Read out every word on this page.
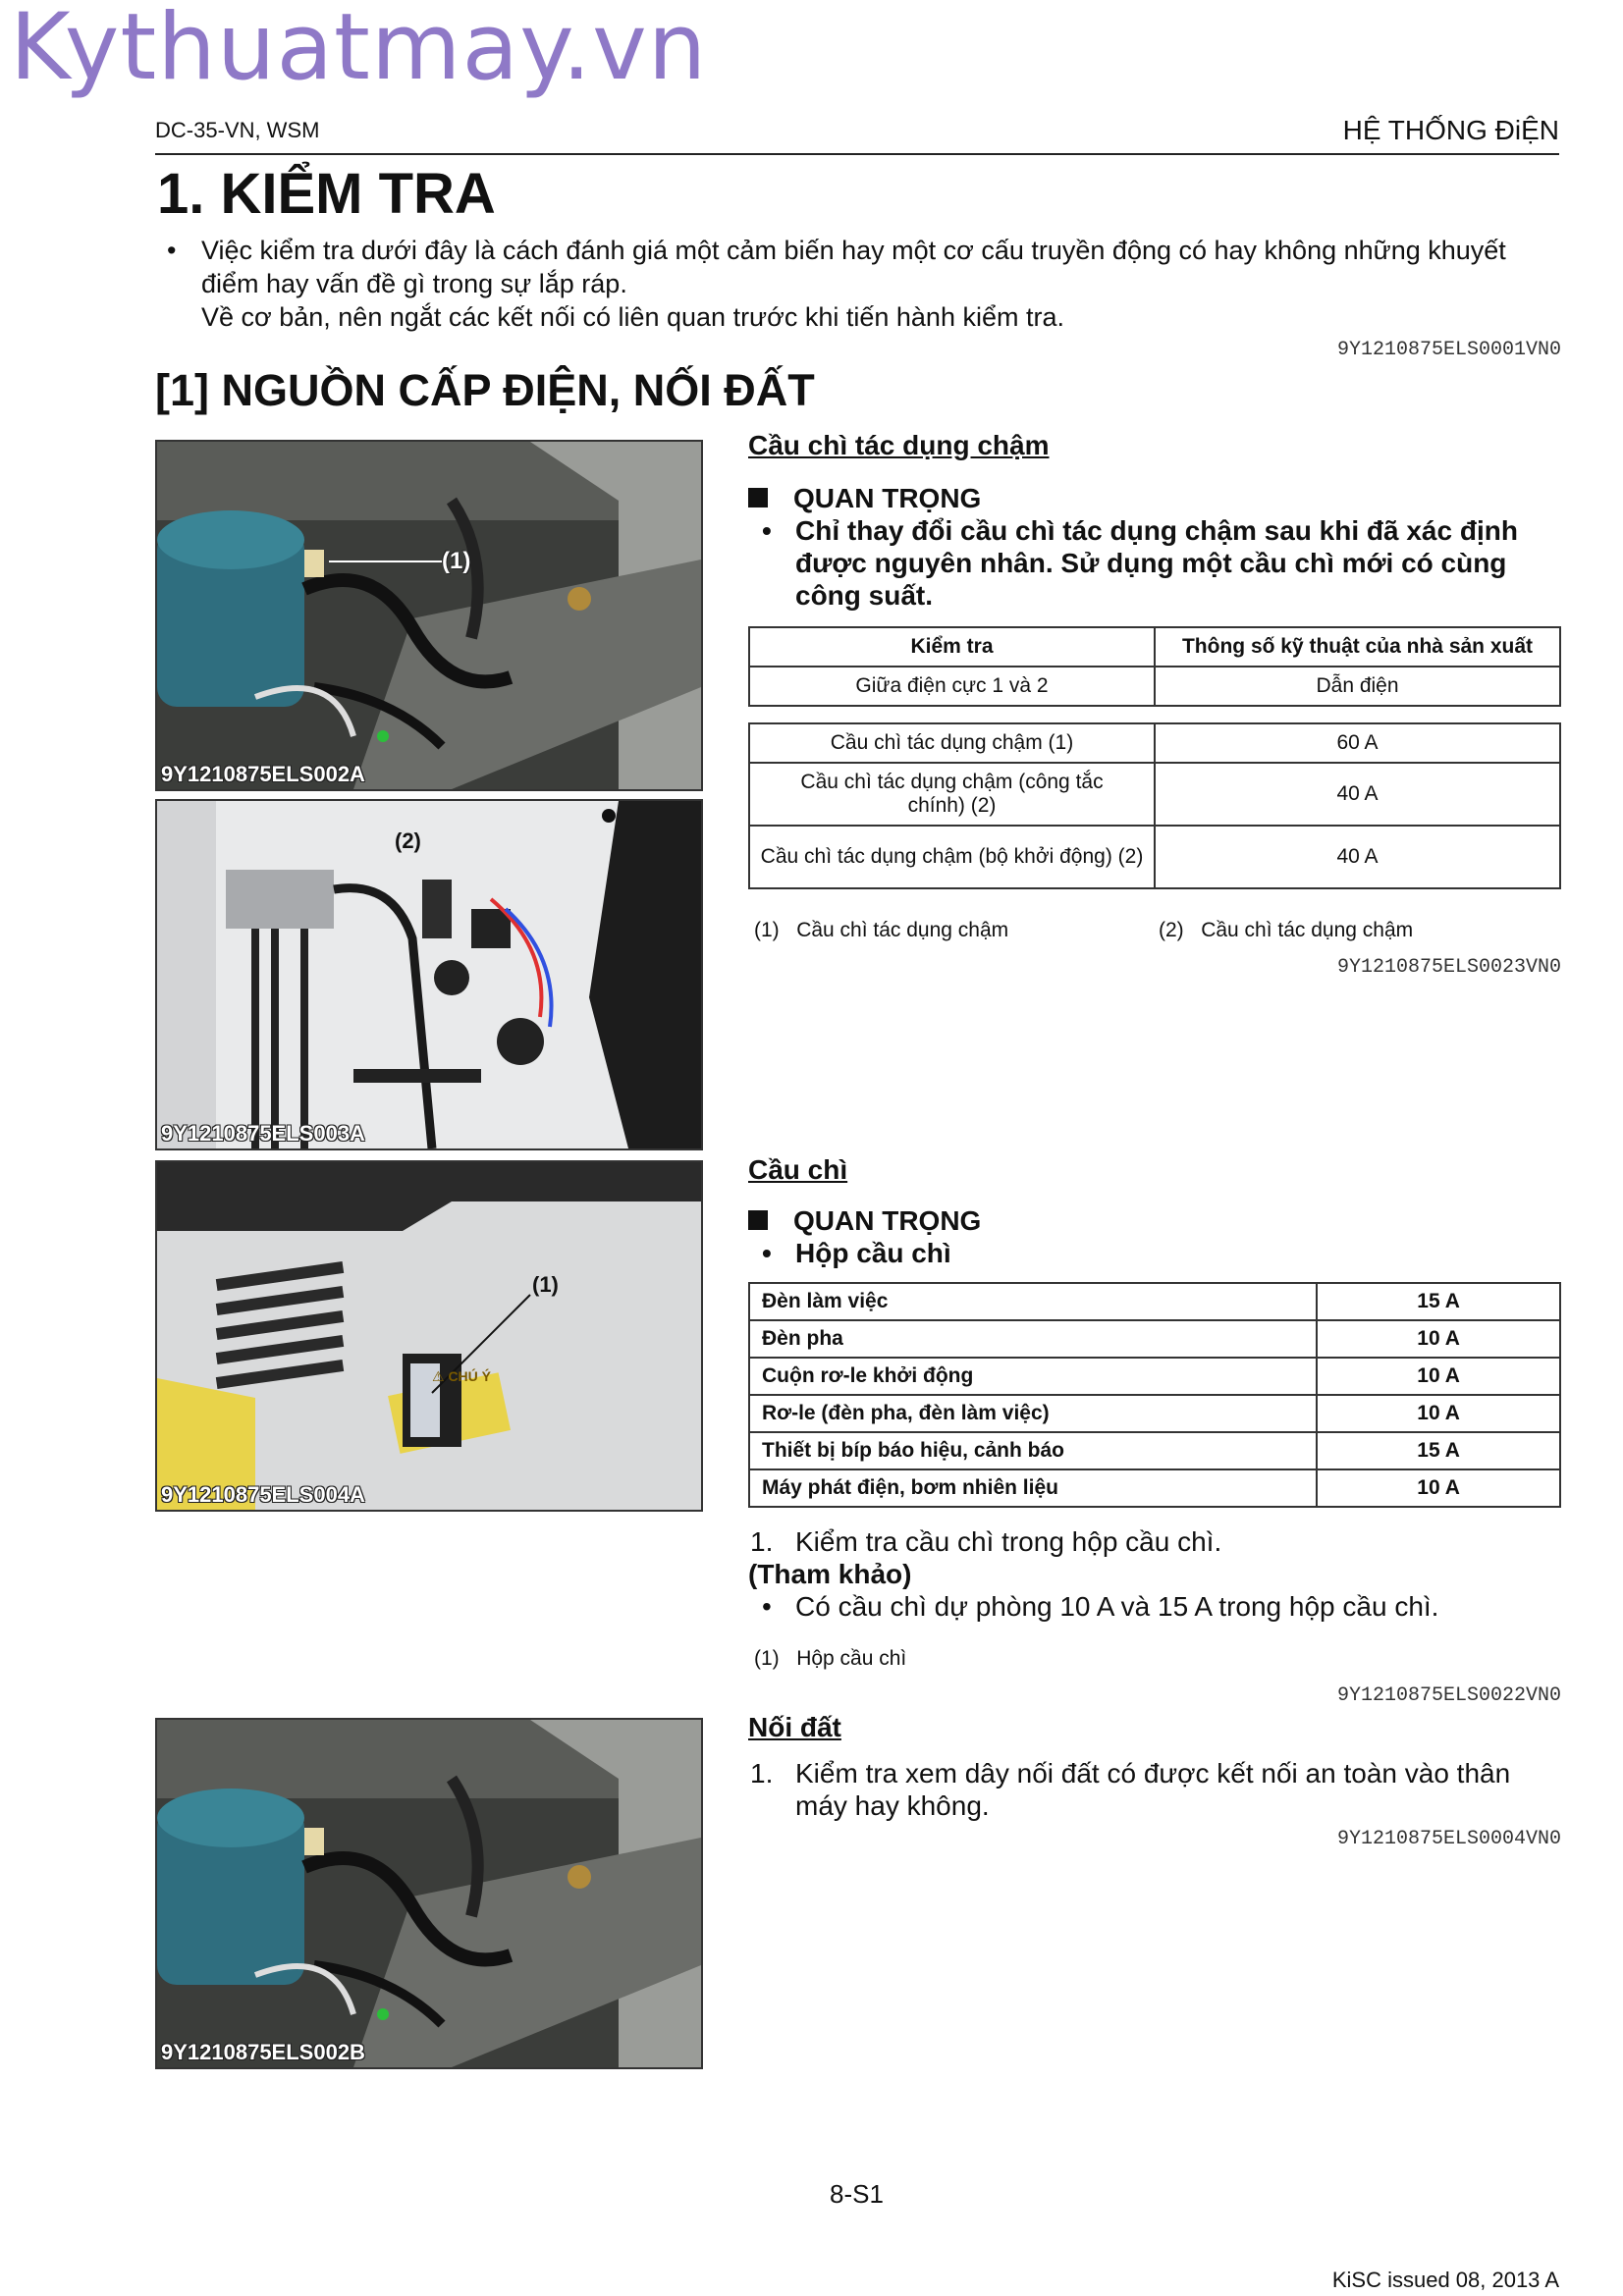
Kythuatmay.vn
DC-35-VN, WSM	HỆ THỐNG ĐiỆN
1. KIỂM TRA
• Việc kiểm tra dưới đây là cách đánh giá một cảm biến hay một cơ cấu truyền động có hay không những khuyết điểm hay vấn đề gì trong sự lắp ráp.
Về cơ bản, nên ngắt các kết nối có liên quan trước khi tiến hành kiểm tra.
9Y1210875ELS0001VN0
[1] NGUỒN CẤP ĐIỆN, NỐI ĐẤT
(1)
9Y1210875ELS002A
(2)
9Y1210875ELS003A
(1)
⚠ CHÚ Ý
9Y1210875ELS004A
9Y1210875ELS002B
Cầu chì tác dụng chậm
QUAN TRỌNG
• Chỉ thay đổi cầu chì tác dụng chậm sau khi đã xác định được nguyên nhân. Sử dụng một cầu chì mới có cùng công suất.
Kiểm tra	Thông số kỹ thuật của nhà sản xuất
Giữa điện cực 1 và 2	Dẫn điện
Cầu chì tác dụng chậm (1)	60 A
Cầu chì tác dụng chậm (công tắc chính) (2)	40 A
Cầu chì tác dụng chậm (bộ khởi động) (2)	40 A
(1) Cầu chì tác dụng chậm	(2) Cầu chì tác dụng chậm
9Y1210875ELS0023VN0
Cầu chì
QUAN TRỌNG
• Hộp cầu chì
Đèn làm việc	15 A
Đèn pha	10 A
Cuộn rơ-le khởi động	10 A
Rơ-le (đèn pha, đèn làm việc)	10 A
Thiết bị bíp báo hiệu, cảnh báo	15 A
Máy phát điện, bơm nhiên liệu	10 A
1. Kiểm tra cầu chì trong hộp cầu chì.
(Tham khảo)
• Có cầu chì dự phòng 10 A và 15 A trong hộp cầu chì.
(1) Hộp cầu chì
9Y1210875ELS0022VN0
Nối đất
1. Kiểm tra xem dây nối đất có được kết nối an toàn vào thân máy hay không.
9Y1210875ELS0004VN0
8-S1
KiSC issued 08, 2013 A
